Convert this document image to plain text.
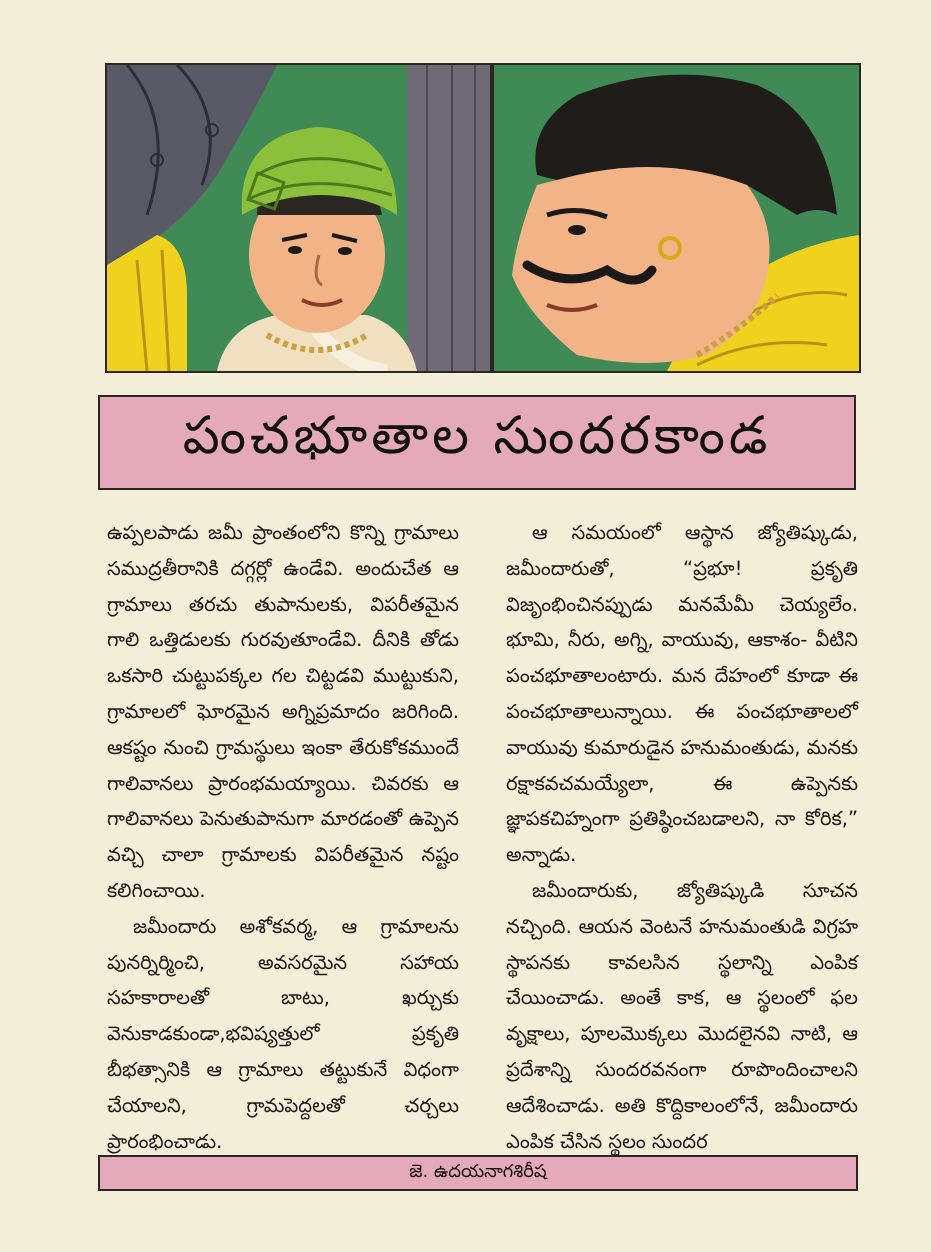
పంచభూతాల సుందరకాండ

ఉప్పలపాడు జమీ ప్రాంతంలోని కొన్ని గ్రామాలు సముద్రతీరానికి దగ్గర్లో ఉండేవి. అందుచేత ఆ గ్రామాలు తరచు తుపానులకు, విపరీతమైన గాలి ఒత్తిడులకు గురవుతూండేవి. దీనికి తోడు ఒకసారి చుట్టుపక్కల గల చిట్టడవి ముట్టుకుని, గ్రామాలలో ఘోరమైన అగ్నిప్రమాదం జరిగింది. ఆకష్టం నుంచి గ్రామస్థులు ఇంకా తేరుకోకముందే గాలివానలు ప్రారంభమయ్యాయి. చివరకు ఆ గాలివానలు పెనుతుపానుగా మారడంతో ఉప్పెన వచ్చి చాలా గ్రామాలకు విపరీతమైన నష్టం కలిగించాయి.

జమీందారు అశోకవర్మ, ఆ గ్రామాలను పునర్నిర్మించి, అవసరమైన సహాయ సహకారాలతో బాటు, ఖర్చుకు వెనుకాడకుండా,భవిష్యత్తులో ప్రకృతి బీభత్సానికి ఆ గ్రామాలు తట్టుకునే విధంగా చేయాలని, గ్రామపెద్దలతో చర్చలు ప్రారంభించాడు.

ఆ సమయంలో ఆస్థాన జ్యోతిష్కుడు, జమీందారుతో, “ప్రభూ! ప్రకృతి విజృంభించినప్పుడు మనమేమీ చెయ్యలేం. భూమి, నీరు, అగ్ని, వాయువు, ఆకాశం- వీటిని పంచభూతాలంటారు. మన దేహంలో కూడా ఈ పంచభూతాలున్నాయి. ఈ పంచభూతాలలో వాయువు కుమారుడైన హనుమంతుడు, మనకు రక్షాకవచమయ్యేలా, ఈ ఉప్పెనకు జ్ఞాపకచిహ్నంగా ప్రతిష్ఠించబడాలని, నా కోరిక,” అన్నాడు.

జమీందారుకు, జ్యోతిష్కుడి సూచన నచ్చింది. ఆయన వెంటనే హనుమంతుడి విగ్రహ స్థాపనకు కావలసిన స్థలాన్ని ఎంపిక చేయించాడు. అంతే కాక, ఆ స్థలంలో ఫల వృక్షాలు, పూలమొక్కలు మొదలైనవి నాటి, ఆ ప్రదేశాన్ని సుందరవనంగా రూపొందించాలని ఆదేశించాడు. అతి కొద్దికాలంలోనే, జమీందారు ఎంపిక చేసిన స్థలం సుందర

జె. ఉదయనాగశిరీష
